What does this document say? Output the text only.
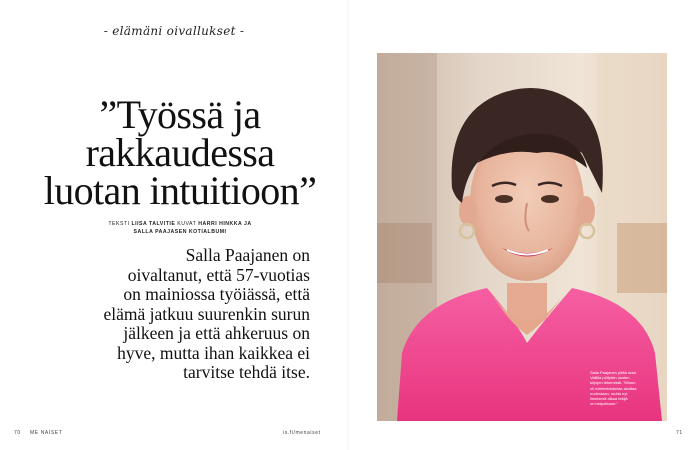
- elämäni oivallukset -
”Työssä ja
rakkaudessa
luotan intuitioon”
TEKSTI LIISA TALVITIE KUVAT HARRI HINKKA JA
SALLA PAAJASEN KOTIALBUMI
Salla Paajanen on
oivaltanut, että 57-vuotias
on mainiossa työiässä, että
elämä jatkuu suurenkin surun
jälkeen ja että ahkeruus on
hyve, mutta ihan kaikkea ei
tarvitse tehdä itse.
70 ME NAISET	is.fi/menaiset	71
Salla Paajanen pitää uraa
Vallilla pöllyisin uusien
kirjojen tekemistä. "Minun
oli mielenkiintoista aloittaa
uudestaan, mutta nyt
ilmeisesti alkaa tekijä
on helpottunut."
